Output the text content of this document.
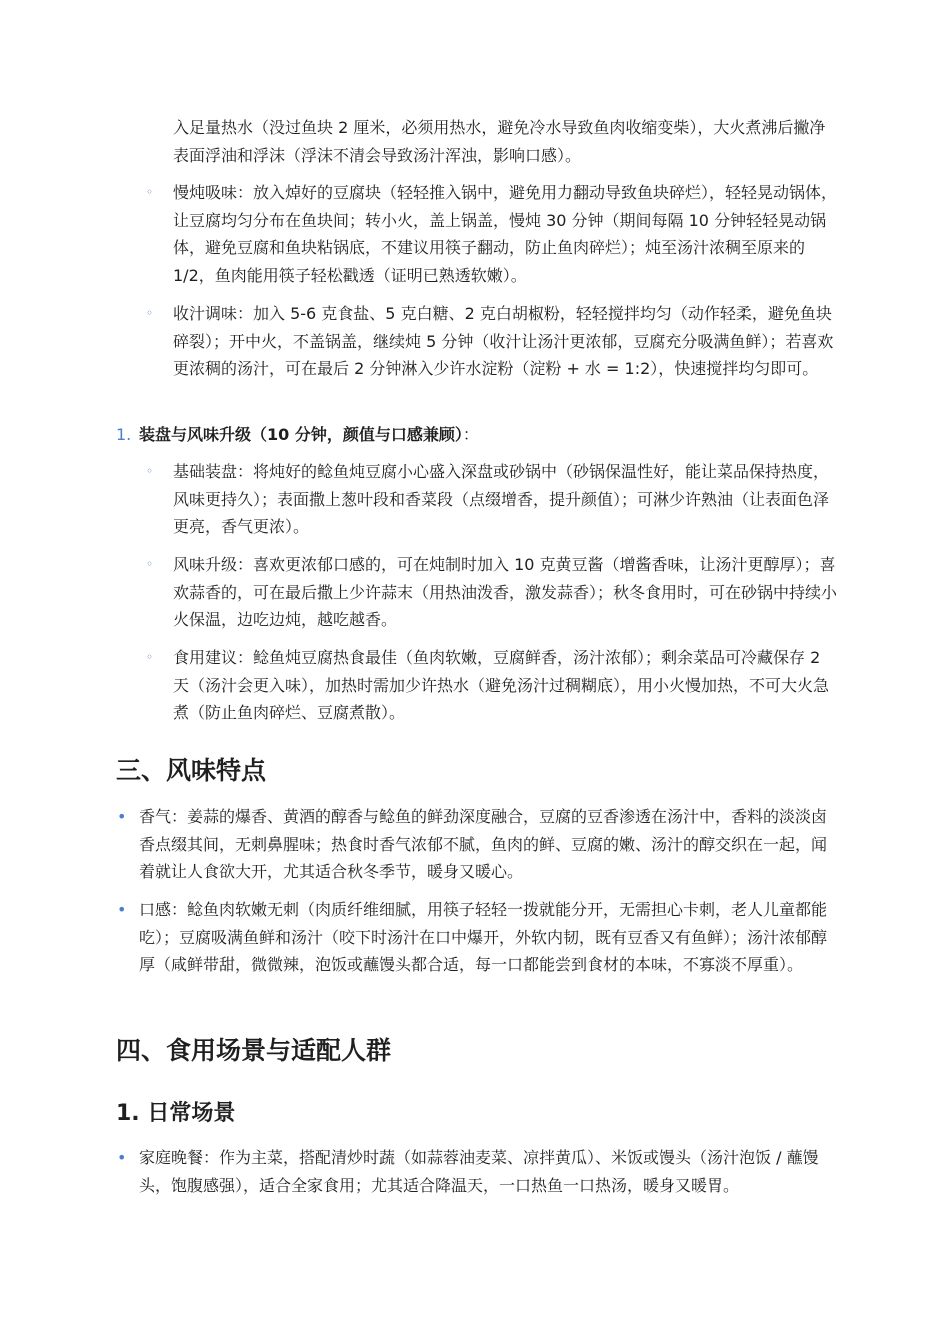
入足量热水（没过鱼块 2 厘米，必须用热水，避免冷水导致鱼肉收缩变柴），大火煮沸后撇净表面浮油和浮沫（浮沫不清会导致汤汁浑浊，影响口感）。
◦ 慢炖吸味：放入焯好的豆腐块（轻轻推入锅中，避免用力翻动导致鱼块碎烂），轻轻晃动锅体，让豆腐均匀分布在鱼块间；转小火，盖上锅盖，慢炖 30 分钟（期间每隔 10 分钟轻轻晃动锅体，避免豆腐和鱼块粘锅底，不建议用筷子翻动，防止鱼肉碎烂）；炖至汤汁浓稠至原来的 1/2，鱼肉能用筷子轻松戳透（证明已熟透软嫩）。
◦ 收汁调味：加入 5-6 克食盐、5 克白糖、2 克白胡椒粉，轻轻搅拌均匀（动作轻柔，避免鱼块碎裂）；开中火，不盖锅盖，继续炖 5 分钟（收汁让汤汁更浓郁，豆腐充分吸满鱼鲜）；若喜欢更浓稠的汤汁，可在最后 2 分钟淋入少许水淀粉（淀粉 + 水 = 1:2），快速搅拌均匀即可。
1. 装盘与风味升级（10 分钟，颜值与口感兼顾）：
◦ 基础装盘：将炖好的鲶鱼炖豆腐小心盛入深盘或砂锅中（砂锅保温性好，能让菜品保持热度，风味更持久）；表面撒上葱叶段和香菜段（点缀增香，提升颜值）；可淋少许熟油（让表面色泽更亮，香气更浓）。
◦ 风味升级：喜欢更浓郁口感的，可在炖制时加入 10 克黄豆酱（增酱香味，让汤汁更醇厚）；喜欢蒜香的，可在最后撒上少许蒜末（用热油泼香，激发蒜香）；秋冬食用时，可在砂锅中持续小火保温，边吃边炖，越吃越香。
◦ 食用建议：鲶鱼炖豆腐热食最佳（鱼肉软嫩，豆腐鲜香，汤汁浓郁）；剩余菜品可冷藏保存 2 天（汤汁会更入味），加热时需加少许热水（避免汤汁过稠糊底），用小火慢加热，不可大火急煮（防止鱼肉碎烂、豆腐煮散）。
三、风味特点
• 香气：姜蒜的爆香、黄酒的醇香与鲶鱼的鲜劲深度融合，豆腐的豆香渗透在汤汁中，香料的淡淡卤香点缀其间，无刺鼻腥味；热食时香气浓郁不腻，鱼肉的鲜、豆腐的嫩、汤汁的醇交织在一起，闻着就让人食欲大开，尤其适合秋冬季节，暖身又暖心。
• 口感：鲶鱼肉软嫩无刺（肉质纤维细腻，用筷子轻轻一拨就能分开，无需担心卡刺，老人儿童都能吃）；豆腐吸满鱼鲜和汤汁（咬下时汤汁在口中爆开，外软内韧，既有豆香又有鱼鲜）；汤汁浓郁醇厚（咸鲜带甜，微微辣，泡饭或蘸馒头都合适，每一口都能尝到食材的本味，不寡淡不厚重）。
四、食用场景与适配人群
1. 日常场景
• 家庭晚餐：作为主菜，搭配清炒时蔬（如蒜蓉油麦菜、凉拌黄瓜）、米饭或馒头（汤汁泡饭 / 蘸馒头，饱腹感强），适合全家食用；尤其适合降温天，一口热鱼一口热汤，暖身又暖胃。
